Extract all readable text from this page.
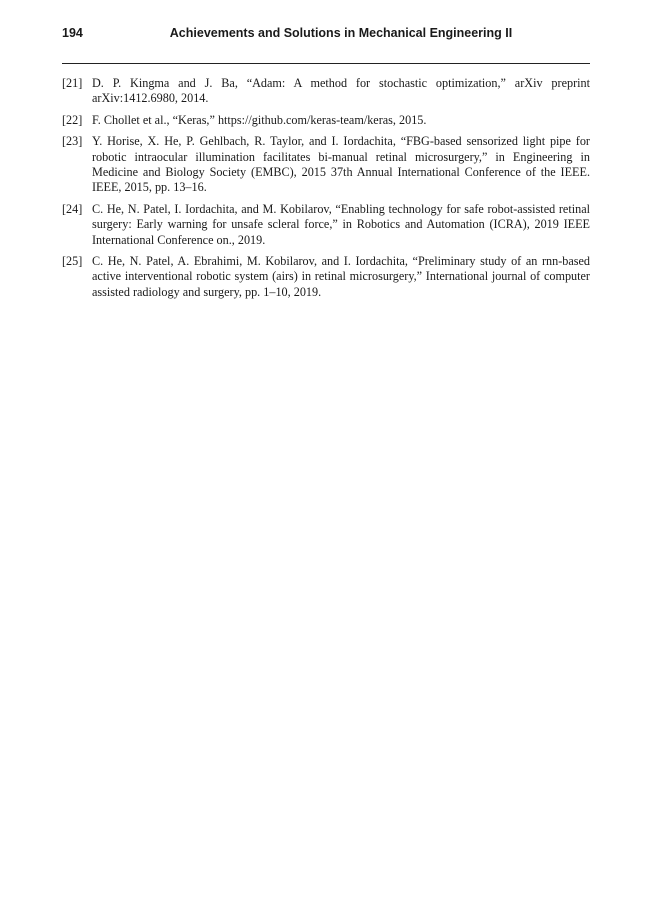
194	Achievements and Solutions in Mechanical Engineering II
[21] D. P. Kingma and J. Ba, “Adam: A method for stochastic optimization,” arXiv preprint arXiv:1412.6980, 2014.
[22] F. Chollet et al., “Keras,” https://github.com/keras-team/keras, 2015.
[23] Y. Horise, X. He, P. Gehlbach, R. Taylor, and I. Iordachita, “FBG-based sensorized light pipe for robotic intraocular illumination facilitates bi-manual retinal microsurgery,” in Engineering in Medicine and Biology Society (EMBC), 2015 37th Annual International Conference of the IEEE. IEEE, 2015, pp. 13–16.
[24] C. He, N. Patel, I. Iordachita, and M. Kobilarov, “Enabling technology for safe robot-assisted retinal surgery: Early warning for unsafe scleral force,” in Robotics and Automation (ICRA), 2019 IEEE International Conference on., 2019.
[25] C. He, N. Patel, A. Ebrahimi, M. Kobilarov, and I. Iordachita, “Preliminary study of an rnn-based active interventional robotic system (airs) in retinal microsurgery,” International journal of computer assisted radiology and surgery, pp. 1–10, 2019.
